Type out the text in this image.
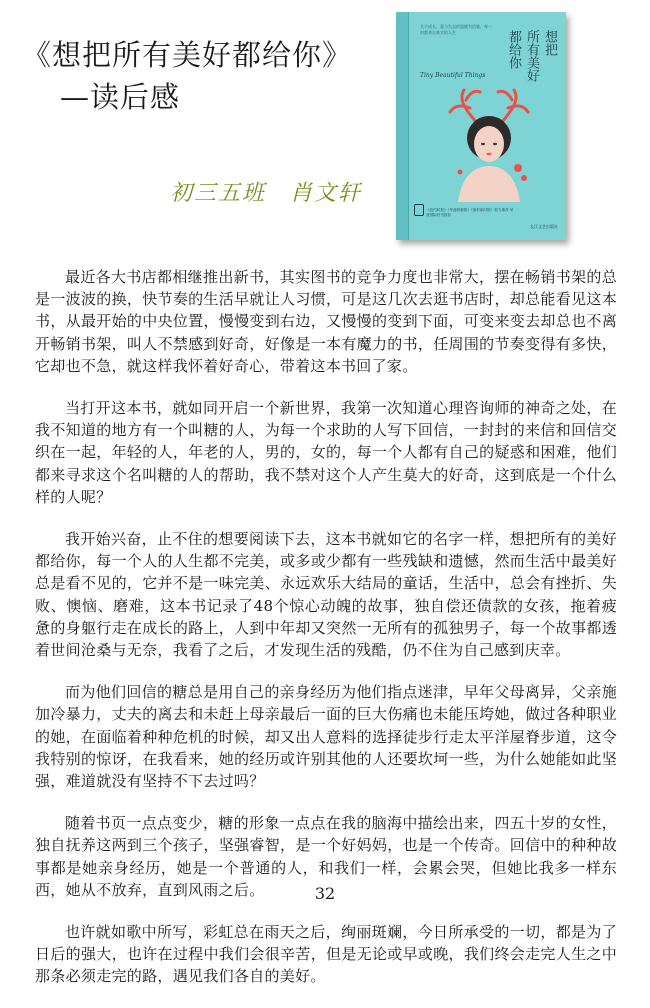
《想把所有美好都给你》
—读后感
初三五班　肖文轩
关于成长、爱与失去的温暖书信集，每一封都来自真实的人生	想把
所有美好
都给你
Tiny Beautiful Things
《纽约时报》《华盛顿邮报》《洛杉矶时报》强力推荐 荣获国际好书推荐
长江文艺出版社

最近各大书店都相继推出新书，其实图书的竞争力度也非常大，摆在畅销书架的总是一波波的换，快节奏的生活早就让人习惯，可是这几次去逛书店时，却总能看见这本书，从最开始的中央位置，慢慢变到右边，又慢慢的变到下面，可变来变去却总也不离开畅销书架，叫人不禁感到好奇，好像是一本有魔力的书，任周围的节奏变得有多快，它却也不急，就这样我怀着好奇心，带着这本书回了家。

当打开这本书，就如同开启一个新世界，我第一次知道心理咨询师的神奇之处，在我不知道的地方有一个叫糖的人，为每一个求助的人写下回信，一封封的来信和回信交织在一起，年轻的人，年老的人，男的，女的，每一个人都有自己的疑惑和困难，他们都来寻求这个名叫糖的人的帮助，我不禁对这个人产生莫大的好奇，这到底是一个什么样的人呢？

我开始兴奋，止不住的想要阅读下去，这本书就如它的名字一样，想把所有的美好都给你，每一个人的人生都不完美，或多或少都有一些残缺和遗憾，然而生活中最美好总是看不见的，它并不是一味完美、永远欢乐大结局的童话，生活中，总会有挫折、失败、懊恼、磨难，这本书记录了48个惊心动魄的故事，独自偿还债款的女孩，拖着疲惫的身躯行走在成长的路上，人到中年却又突然一无所有的孤独男子，每一个故事都透着世间沧桑与无奈，我看了之后，才发现生活的残酷，仍不住为自己感到庆幸。

而为他们回信的糖总是用自己的亲身经历为他们指点迷津，早年父母离异，父亲施加冷暴力，丈夫的离去和未赶上母亲最后一面的巨大伤痛也未能压垮她，做过各种职业的她，在面临着种种危机的时候，却又出人意料的选择徒步行走太平洋屋脊步道，这令我特别的惊讶，在我看来，她的经历或许别其他的人还要坎坷一些，为什么她能如此坚强，难道就没有坚持不下去过吗？

随着书页一点点变少，糖的形象一点点在我的脑海中描绘出来，四五十岁的女性，独自抚养这两到三个孩子，坚强睿智，是一个好妈妈，也是一个传奇。回信中的种种故事都是她亲身经历，她是一个普通的人，和我们一样，会累会哭，但她比我多一样东西，她从不放弃，直到风雨之后。

也许就如歌中所写，彩虹总在雨天之后，绚丽斑斓，今日所承受的一切，都是为了日后的强大，也许在过程中我们会很辛苦，但是无论或早或晚，我们终会走完人生之中那条必须走完的路，遇见我们各自的美好。

32
